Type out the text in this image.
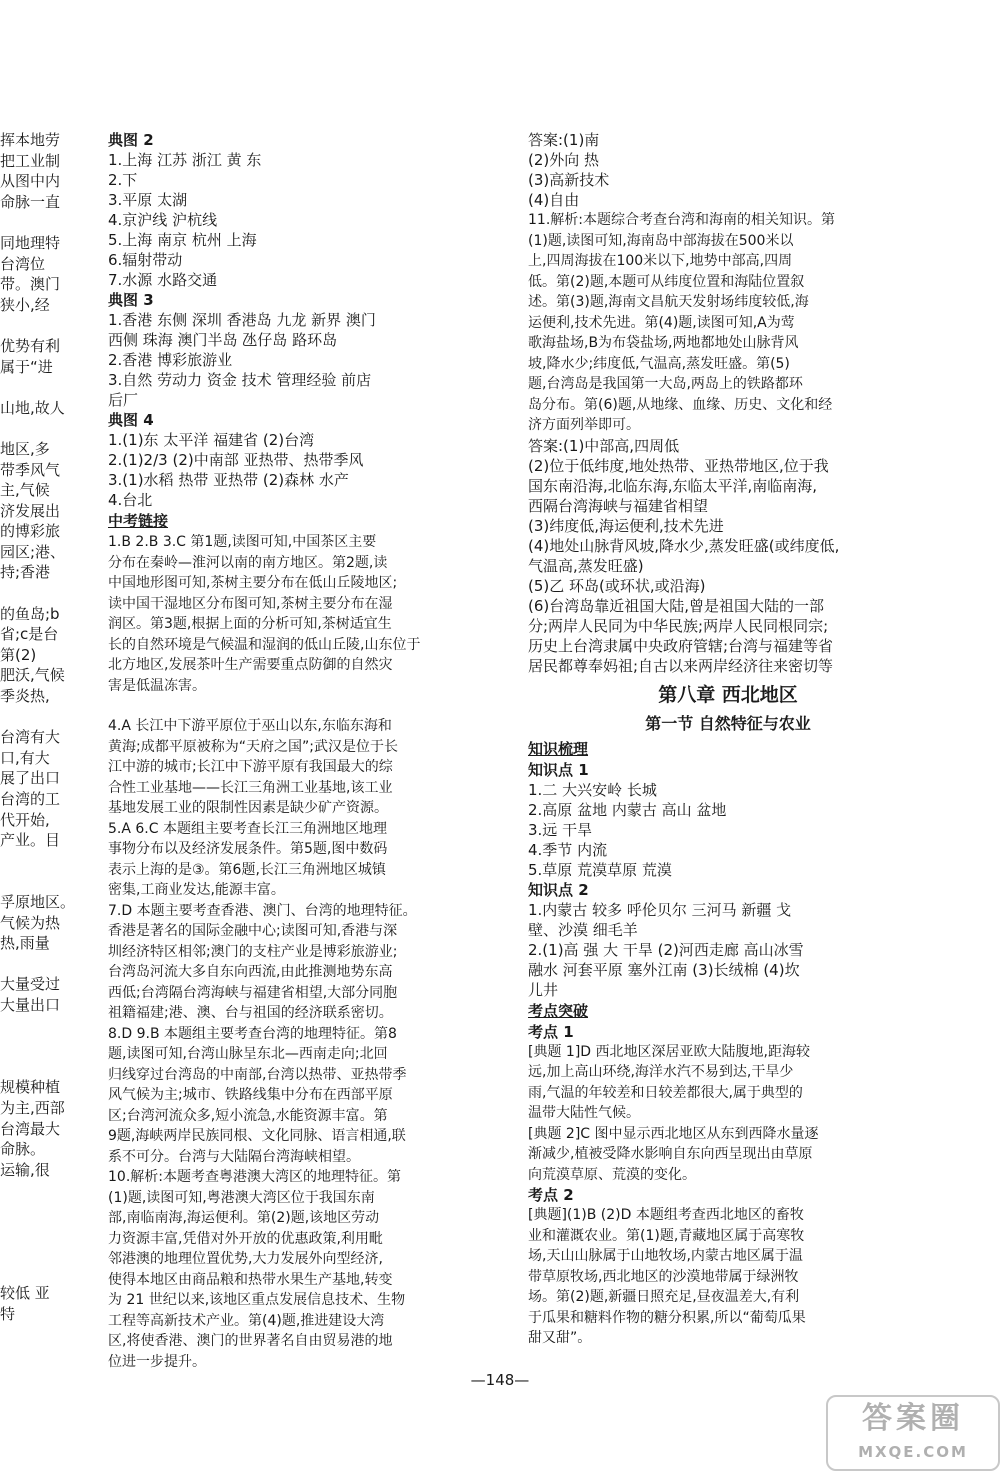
挥本地劳
把工业制
从图中内
命脉一直
同地理特
台湾位
带。澳门
狭小,经
优势有利
属于“进
山地,故人
地区,多
带季风气
主,气候
济发展出
的博彩旅
园区;港、
持;香港
的鱼岛;b
省;c是台
第(2)
肥沃,气候
季炎热,
台湾有大
口,有大
展了出口
台湾的工
代开始,
产业。目
孚原地区。
气候为热
热,雨量
大量受过
大量出口
规模种植
为主,西部
台湾最大
命脉。
运输,很
较低 亚
特
典图 2
1.上海 江苏 浙江 黄 东
2.下
3.平原 太湖
4.京沪线 沪杭线
5.上海 南京 杭州 上海
6.辐射带动
7.水源 水路交通
典图 3
1.香港 东侧 深圳 香港岛 九龙 新界 澳门
西侧 珠海 澳门半岛 氹仔岛 路环岛
2.香港 博彩旅游业
3.自然 劳动力 资金 技术 管理经验 前店
后厂
典图 4
1.(1)东 太平洋 福建省 (2)台湾
2.(1)2/3 (2)中南部 亚热带、热带季风
3.(1)水稻 热带 亚热带 (2)森林 水产
4.台北
中考链接
1.B 2.B 3.C 第1题,读图可知,中国茶区主要
分布在秦岭—淮河以南的南方地区。第2题,读
中国地形图可知,茶树主要分布在低山丘陵地区;
读中国干湿地区分布图可知,茶树主要分布在湿
润区。第3题,根据上面的分析可知,茶树适宜生
长的自然环境是气候温和湿润的低山丘陵,山东位于
北方地区,发展茶叶生产需要重点防御的自然灾
害是低温冻害。
4.A 长江中下游平原位于巫山以东,东临东海和
黄海;成都平原被称为“天府之国”;武汉是位于长
江中游的城市;长江中下游平原有我国最大的综
合性工业基地——长江三角洲工业基地,该工业
基地发展工业的限制性因素是缺少矿产资源。
5.A 6.C 本题组主要考查长江三角洲地区地理
事物分布以及经济发展条件。第5题,图中数码
表示上海的是③。第6题,长江三角洲地区城镇
密集,工商业发达,能源丰富。
7.D 本题主要考查香港、澳门、台湾的地理特征。
香港是著名的国际金融中心;读图可知,香港与深
圳经济特区相邻;澳门的支柱产业是博彩旅游业;
台湾岛河流大多自东向西流,由此推测地势东高
西低;台湾隔台湾海峡与福建省相望,大部分同胞
祖籍福建;港、澳、台与祖国的经济联系密切。
8.D 9.B 本题组主要考查台湾的地理特征。第8
题,读图可知,台湾山脉呈东北—西南走向;北回
归线穿过台湾岛的中南部,台湾以热带、亚热带季
风气候为主;城市、铁路线集中分布在西部平原
区;台湾河流众多,短小流急,水能资源丰富。第
9题,海峡两岸民族同根、文化同脉、语言相通,联
系不可分。台湾与大陆隔台湾海峡相望。
10.解析:本题考查粤港澳大湾区的地理特征。第
(1)题,读图可知,粤港澳大湾区位于我国东南
部,南临南海,海运便利。第(2)题,该地区劳动
力资源丰富,凭借对外开放的优惠政策,利用毗
邻港澳的地理位置优势,大力发展外向型经济,
使得本地区由商品粮和热带水果生产基地,转变
为 21 世纪以来,该地区重点发展信息技术、生物
工程等高新技术产业。第(4)题,推进建设大湾
区,将使香港、澳门的世界著名自由贸易港的地
位进一步提升。
答案:(1)南
(2)外向 热
(3)高新技术
(4)自由
11.解析:本题综合考查台湾和海南的相关知识。第
(1)题,读图可知,海南岛中部海拔在500米以
上,四周海拔在100米以下,地势中部高,四周
低。第(2)题,本题可从纬度位置和海陆位置叙
述。第(3)题,海南文昌航天发射场纬度较低,海
运便利,技术先进。第(4)题,读图可知,A为莺
歌海盐场,B为布袋盐场,两地都地处山脉背风
坡,降水少;纬度低,气温高,蒸发旺盛。第(5)
题,台湾岛是我国第一大岛,两岛上的铁路都环
岛分布。第(6)题,从地缘、血缘、历史、文化和经
济方面列举即可。
答案:(1)中部高,四周低
(2)位于低纬度,地处热带、亚热带地区,位于我
国东南沿海,北临东海,东临太平洋,南临南海,
西隔台湾海峡与福建省相望
(3)纬度低,海运便利,技术先进
(4)地处山脉背风坡,降水少,蒸发旺盛(或纬度低,
气温高,蒸发旺盛)
(5)乙 环岛(或环状,或沿海)
(6)台湾岛靠近祖国大陆,曾是祖国大陆的一部
分;两岸人民同为中华民族;两岸人民同根同宗;
历史上台湾隶属中央政府管辖;台湾与福建等省
居民都尊奉妈祖;自古以来两岸经济往来密切等
第八章 西北地区
第一节 自然特征与农业
知识梳理
知识点 1
1.二 大兴安岭 长城
2.高原 盆地 内蒙古 高山 盆地
3.远 干旱
4.季节 内流
5.草原 荒漠草原 荒漠
知识点 2
1.内蒙古 较多 呼伦贝尔 三河马 新疆 戈
壁、沙漠 细毛羊
2.(1)高 强 大 干旱 (2)河西走廊 高山冰雪
融水 河套平原 塞外江南 (3)长绒棉 (4)坎
儿井
考点突破
考点 1
[典题 1]D 西北地区深居亚欧大陆腹地,距海较
远,加上高山环绕,海洋水汽不易到达,干旱少
雨,气温的年较差和日较差都很大,属于典型的
温带大陆性气候。
[典题 2]C 图中显示西北地区从东到西降水量逐
渐减少,植被受降水影响自东向西呈现出由草原
向荒漠草原、荒漠的变化。
考点 2
[典题](1)B (2)D 本题组考查西北地区的畜牧
业和灌溉农业。第(1)题,青藏地区属于高寒牧
场,天山山脉属于山地牧场,内蒙古地区属于温
带草原牧场,西北地区的沙漠地带属于绿洲牧
场。第(2)题,新疆日照充足,昼夜温差大,有利
于瓜果和糖料作物的糖分积累,所以“葡萄瓜果
甜又甜”。
—148—
答案圈
MXQE.COM
